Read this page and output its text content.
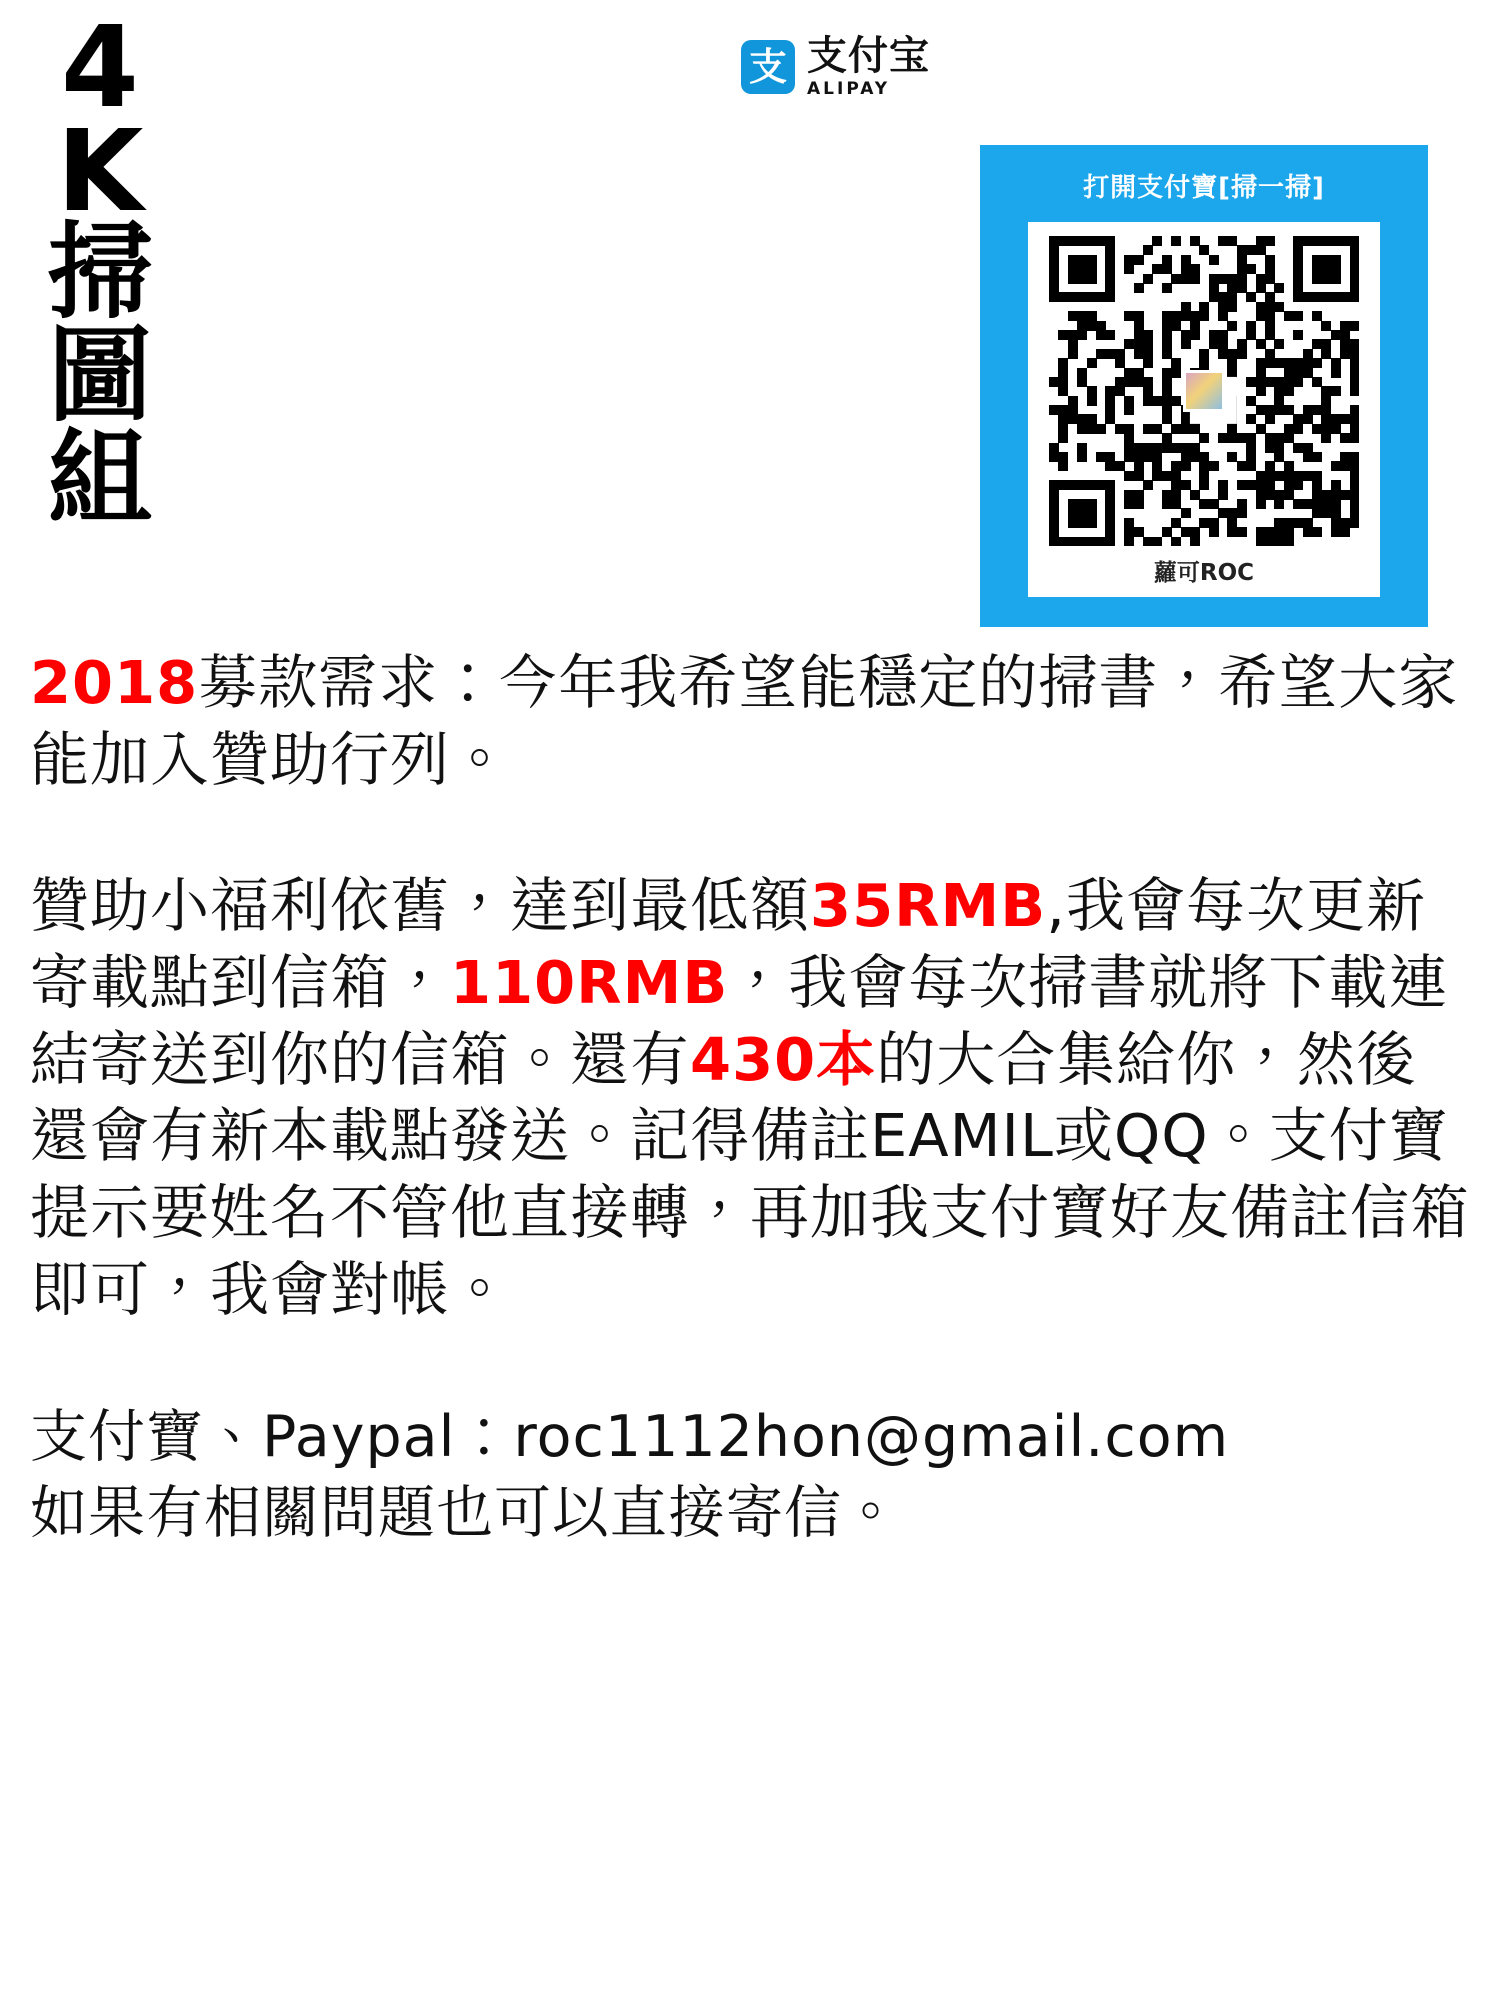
4
K
掃
圖
組
支 支付宝
ALIPAY
打開支付寶[掃一掃]
蘿可ROC

2018募款需求：今年我希望能穩定的掃書，希望大家能加入贊助行列。

贊助小福利依舊，達到最低額35RMB,我會每次更新寄載點到信箱，110RMB，我會每次掃書就將下載連結寄送到你的信箱。還有430本的大合集給你，然後還會有新本載點發送。記得備註EAMIL或QQ。支付寶提示要姓名不管他直接轉，再加我支付寶好友備註信箱即可，我會對帳。

支付寶、Paypal：roc1112hon@gmail.com
如果有相關問題也可以直接寄信。
